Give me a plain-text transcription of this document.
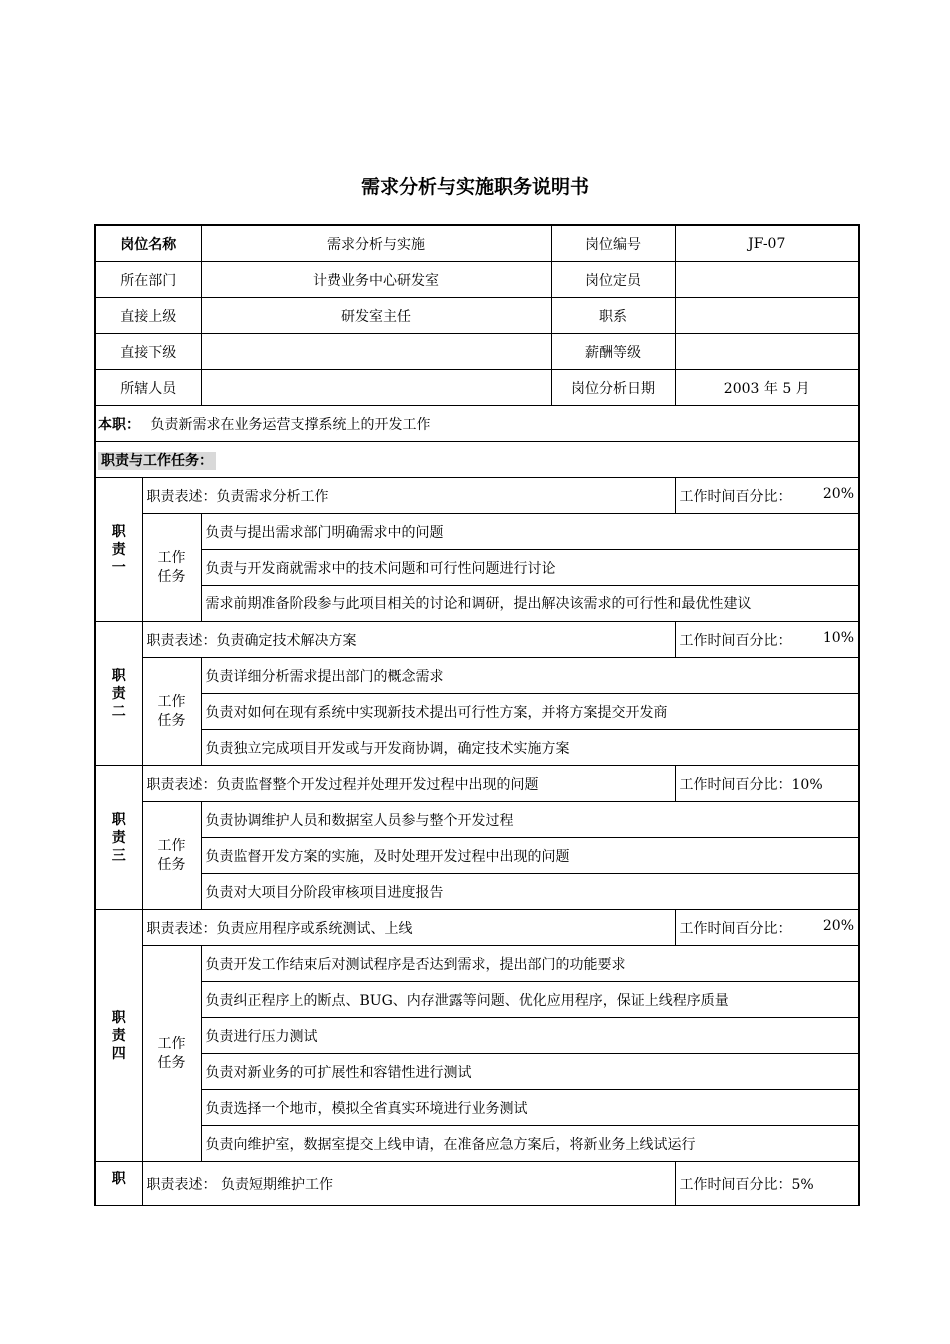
需求分析与实施职务说明书
岗位名称		需求分析与实施	岗位编号	JF-07
所在部门		计费业务中心研发室	岗位定员	
直接上级		研发室主任	职系	
直接下级			薪酬等级	
所辖人员			岗位分析日期	2003 年 5 月
本职： 负责新需求在业务运营支撑系统上的开发工作				
职责与工作任务：				
职责一	职责表述：负责需求分析工作			工作时间百分比： 20%

	工作任务	负责与提出需求部门明确需求中的问题		
		负责与开发商就需求中的技术问题和可行性问题进行讨论		
		需求前期准备阶段参与此项目相关的讨论和调研，提出解决该需求的可行性和最优性建议		
职责二	职责表述：负责确定技术解决方案			工作时间百分比： 10%

	工作任务	负责详细分析需求提出部门的概念需求		
		负责对如何在现有系统中实现新技术提出可行性方案，并将方案提交开发商		
		负责独立完成项目开发或与开发商协调，确定技术实施方案		
职责三	职责表述：负责监督整个开发过程并处理开发过程中出现的问题			工作时间百分比：10%
	工作任务	负责协调维护人员和数据室人员参与整个开发过程		
		负责监督开发方案的实施，及时处理开发过程中出现的问题		
		负责对大项目分阶段审核项目进度报告		
职责四	职责表述：负责应用程序或系统测试、上线			工作时间百分比： 20%

	工作任务	负责开发工作结束后对测试程序是否达到需求，提出部门的功能要求		
		负责纠正程序上的断点、BUG、内存泄露等问题、优化应用程序，保证上线程序质量		
		负责进行压力测试		
		负责对新业务的可扩展性和容错性进行测试		
		负责选择一个地市，模拟全省真实环境进行业务测试		
		负责向维护室，数据室提交上线申请，在准备应急方案后，将新业务上线试运行		
职	职责表述： 负责短期维护工作			工作时间百分比：5%
